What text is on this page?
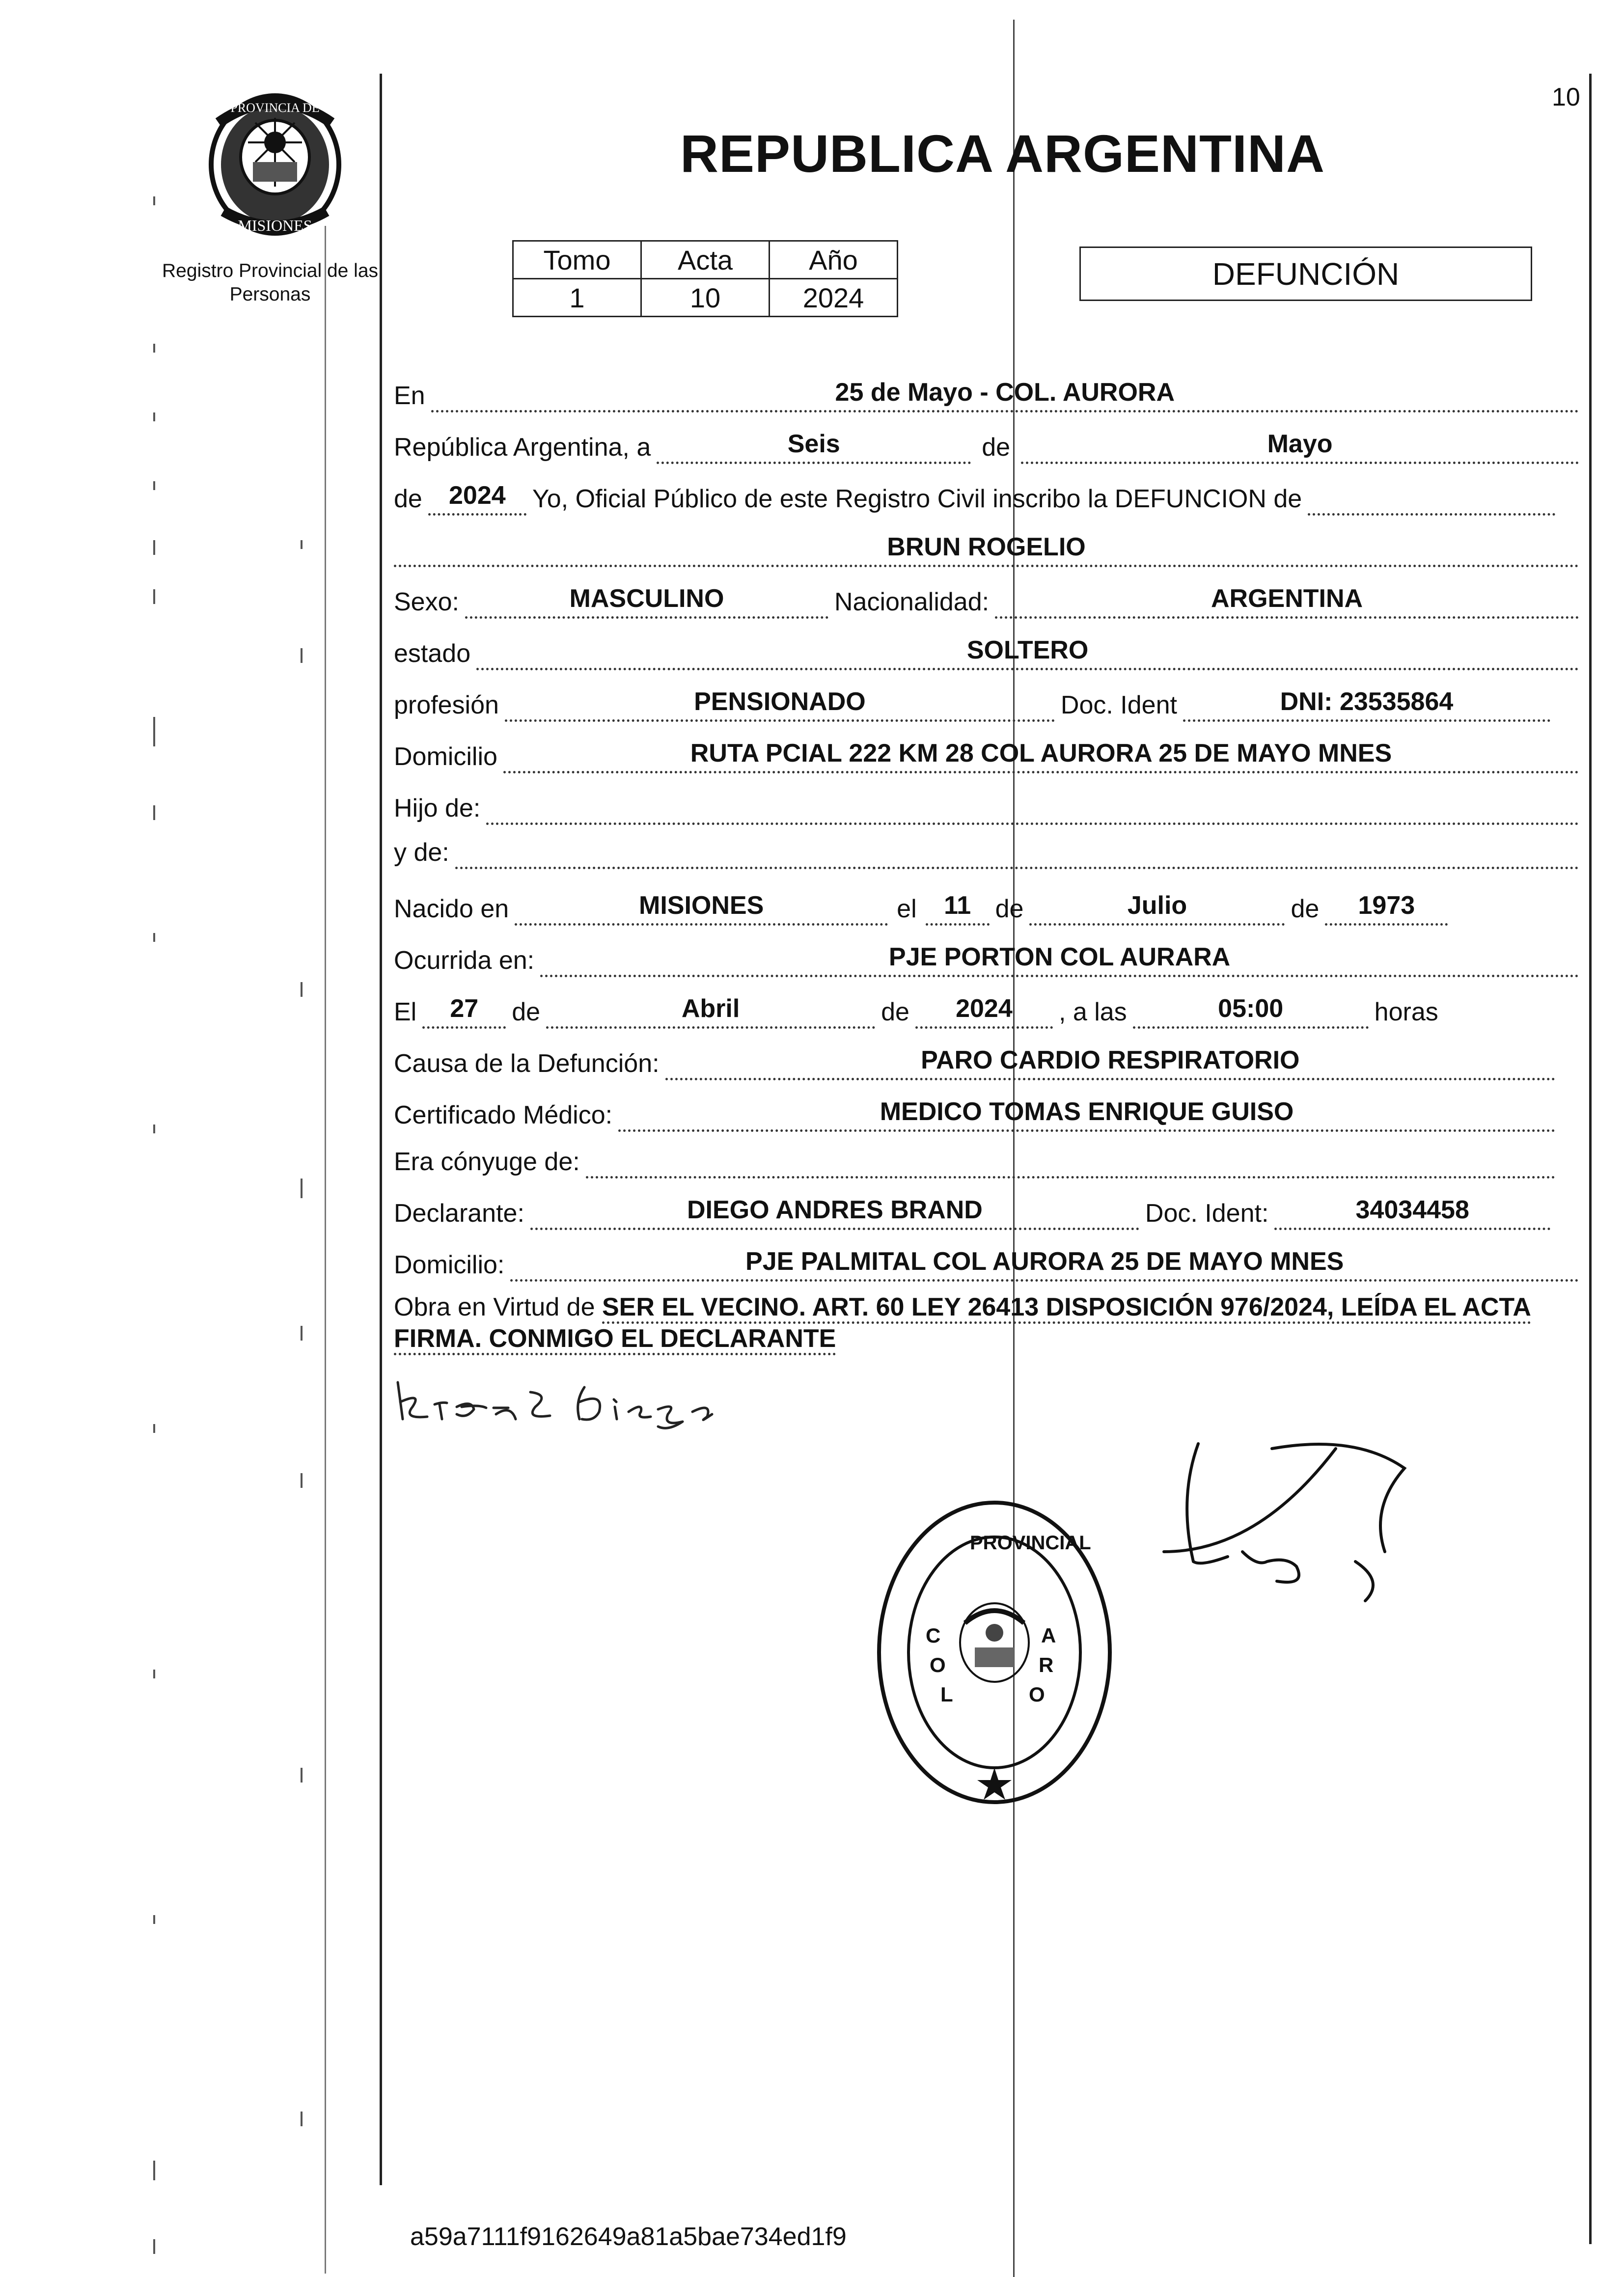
PROVINCIA DE
MISIONES
Registro Provincial de las Personas
10
REPUBLICA ARGENTINA
Tomo	Acta	Año
1	10	2024
DEFUNCIÓN
En	25 de Mayo - COL. AURORA
República Argentina, a	Seis	de	Mayo
de	2024	Yo, Oficial Público de este Registro Civil inscribo la DEFUNCION de
BRUN ROGELIO
Sexo:	MASCULINO	Nacionalidad:	ARGENTINA
estado	SOLTERO
profesión	PENSIONADO	Doc. Ident	DNI: 23535864
Domicilio	RUTA PCIAL 222 KM 28 COL AURORA 25 DE MAYO MNES
Hijo de:
y de:
Nacido en	MISIONES	el	11 de	Julio	de	1973
Ocurrida en:	PJE PORTON COL AURARA
El	27	de	Abril	de	2024	, a las	05:00	horas
Causa de la Defunción:	PARO CARDIO RESPIRATORIO
Certificado Médico:	MEDICO TOMAS ENRIQUE GUISO
Era cónyuge de:
Declarante:	DIEGO ANDRES BRAND	Doc. Ident:	34034458
Domicilio:	PJE PALMITAL COL AURORA 25 DE MAYO MNES
Obra en Virtud de SER EL VECINO. ART. 60 LEY 26413 DISPOSICIÓN 976/2024, LEÍDA EL ACTA FIRMA. CONMIGO EL DECLARANTE
C
O
L
A
R
O
PROVINCIAL
a59a7111f9162649a81a5bae734ed1f9
